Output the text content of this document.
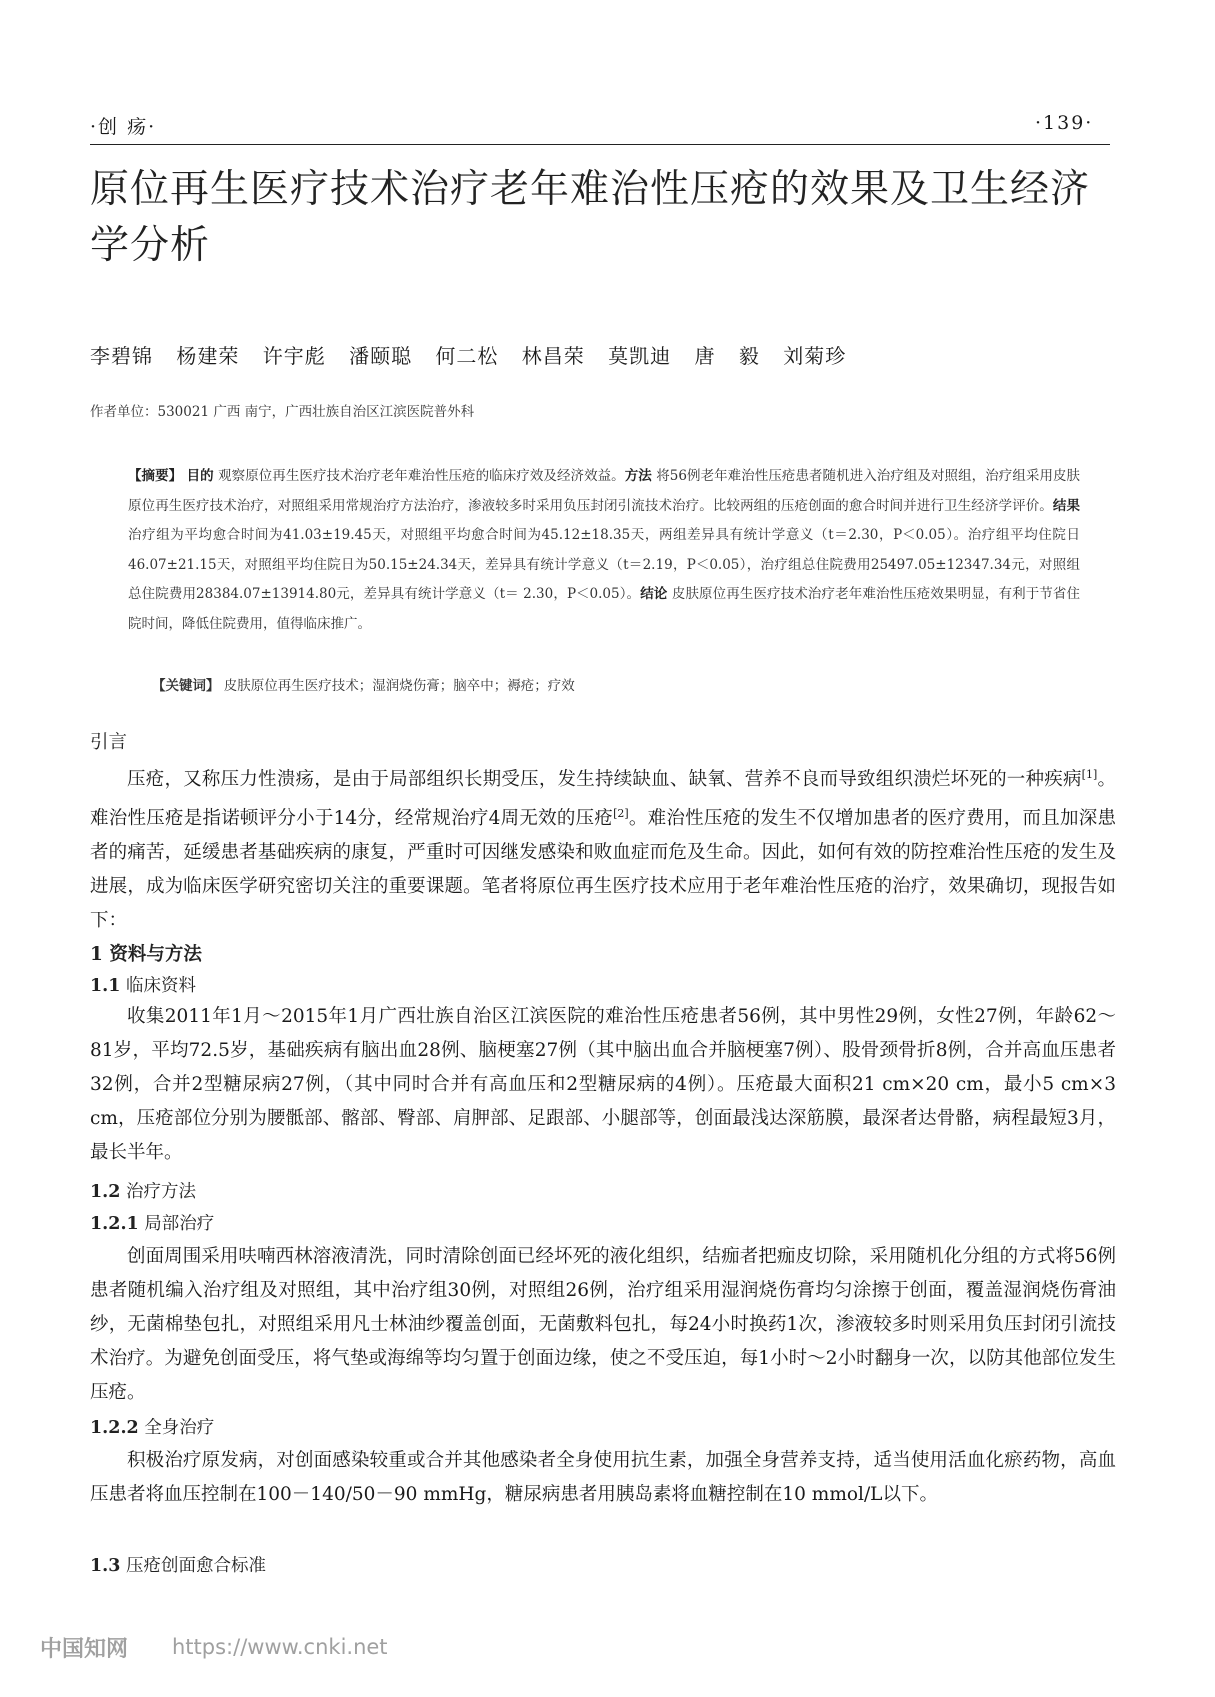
·创 疡·	·139·
原位再生医疗技术治疗老年难治性压疮的效果及卫生经济学分析
李碧锦 杨建荣 许宇彪 潘颐聪 何二松 林昌荣 莫凯迪 唐 毅 刘菊珍
作者单位：530021 广西 南宁，广西壮族自治区江滨医院普外科
【摘要】 目的 观察原位再生医疗技术治疗老年难治性压疮的临床疗效及经济效益。方法 将56例老年难治性压疮患者随机进入治疗组及对照组，治疗组采用皮肤原位再生医疗技术治疗，对照组采用常规治疗方法治疗，渗液较多时采用负压封闭引流技术治疗。比较两组的压疮创面的愈合时间并进行卫生经济学评价。结果 治疗组为平均愈合时间为41.03±19.45天，对照组平均愈合时间为45.12±18.35天，两组差异具有统计学意义（t＝2.30，P＜0.05）。治疗组平均住院日46.07±21.15天，对照组平均住院日为50.15±24.34天，差异具有统计学意义（t＝2.19，P＜0.05），治疗组总住院费用25497.05±12347.34元，对照组总住院费用28384.07±13914.80元，差异具有统计学意义（t＝ 2.30，P＜0.05）。结论 皮肤原位再生医疗技术治疗老年难治性压疮效果明显，有利于节省住院时间，降低住院费用，值得临床推广。
【关键词】 皮肤原位再生医疗技术；湿润烧伤膏；脑卒中；褥疮；疗效
引言
压疮，又称压力性溃疡，是由于局部组织长期受压，发生持续缺血、缺氧、营养不良而导致组织溃烂坏死的一种疾病[1]。难治性压疮是指诺顿评分小于14分，经常规治疗4周无效的压疮[2]。难治性压疮的发生不仅增加患者的医疗费用，而且加深患者的痛苦，延缓患者基础疾病的康复，严重时可因继发感染和败血症而危及生命。因此，如何有效的防控难治性压疮的发生及进展，成为临床医学研究密切关注的重要课题。笔者将原位再生医疗技术应用于老年难治性压疮的治疗，效果确切，现报告如下：
1 资料与方法
1.1 临床资料
收集2011年1月～2015年1月广西壮族自治区江滨医院的难治性压疮患者56例，其中男性29例，女性27例，年龄62～81岁，平均72.5岁，基础疾病有脑出血28例、脑梗塞27例（其中脑出血合并脑梗塞7例）、股骨颈骨折8例，合并高血压患者32例，合并2型糖尿病27例，（其中同时合并有高血压和2型糖尿病的4例）。压疮最大面积21 cm×20 cm，最小5 cm×3 cm，压疮部位分别为腰骶部、髂部、臀部、肩胛部、足跟部、小腿部等，创面最浅达深筋膜，最深者达骨骼，病程最短3月，最长半年。
1.2 治疗方法
1.2.1 局部治疗
创面周围采用呋喃西林溶液清洗，同时清除创面已经坏死的液化组织，结痂者把痂皮切除，采用随机化分组的方式将56例患者随机编入治疗组及对照组，其中治疗组30例，对照组26例，治疗组采用湿润烧伤膏均匀涂擦于创面，覆盖湿润烧伤膏油纱，无菌棉垫包扎，对照组采用凡士林油纱覆盖创面，无菌敷料包扎，每24小时换药1次，渗液较多时则采用负压封闭引流技术治疗。为避免创面受压，将气垫或海绵等均匀置于创面边缘，使之不受压迫，每1小时～2小时翻身一次，以防其他部位发生压疮。
1.2.2 全身治疗
积极治疗原发病，对创面感染较重或合并其他感染者全身使用抗生素，加强全身营养支持，适当使用活血化瘀药物，高血压患者将血压控制在100－140/50－90 mmHg，糖尿病患者用胰岛素将血糖控制在10 mmol/L以下。
1.3 压疮创面愈合标准
中国知网 https://www.cnki.net
